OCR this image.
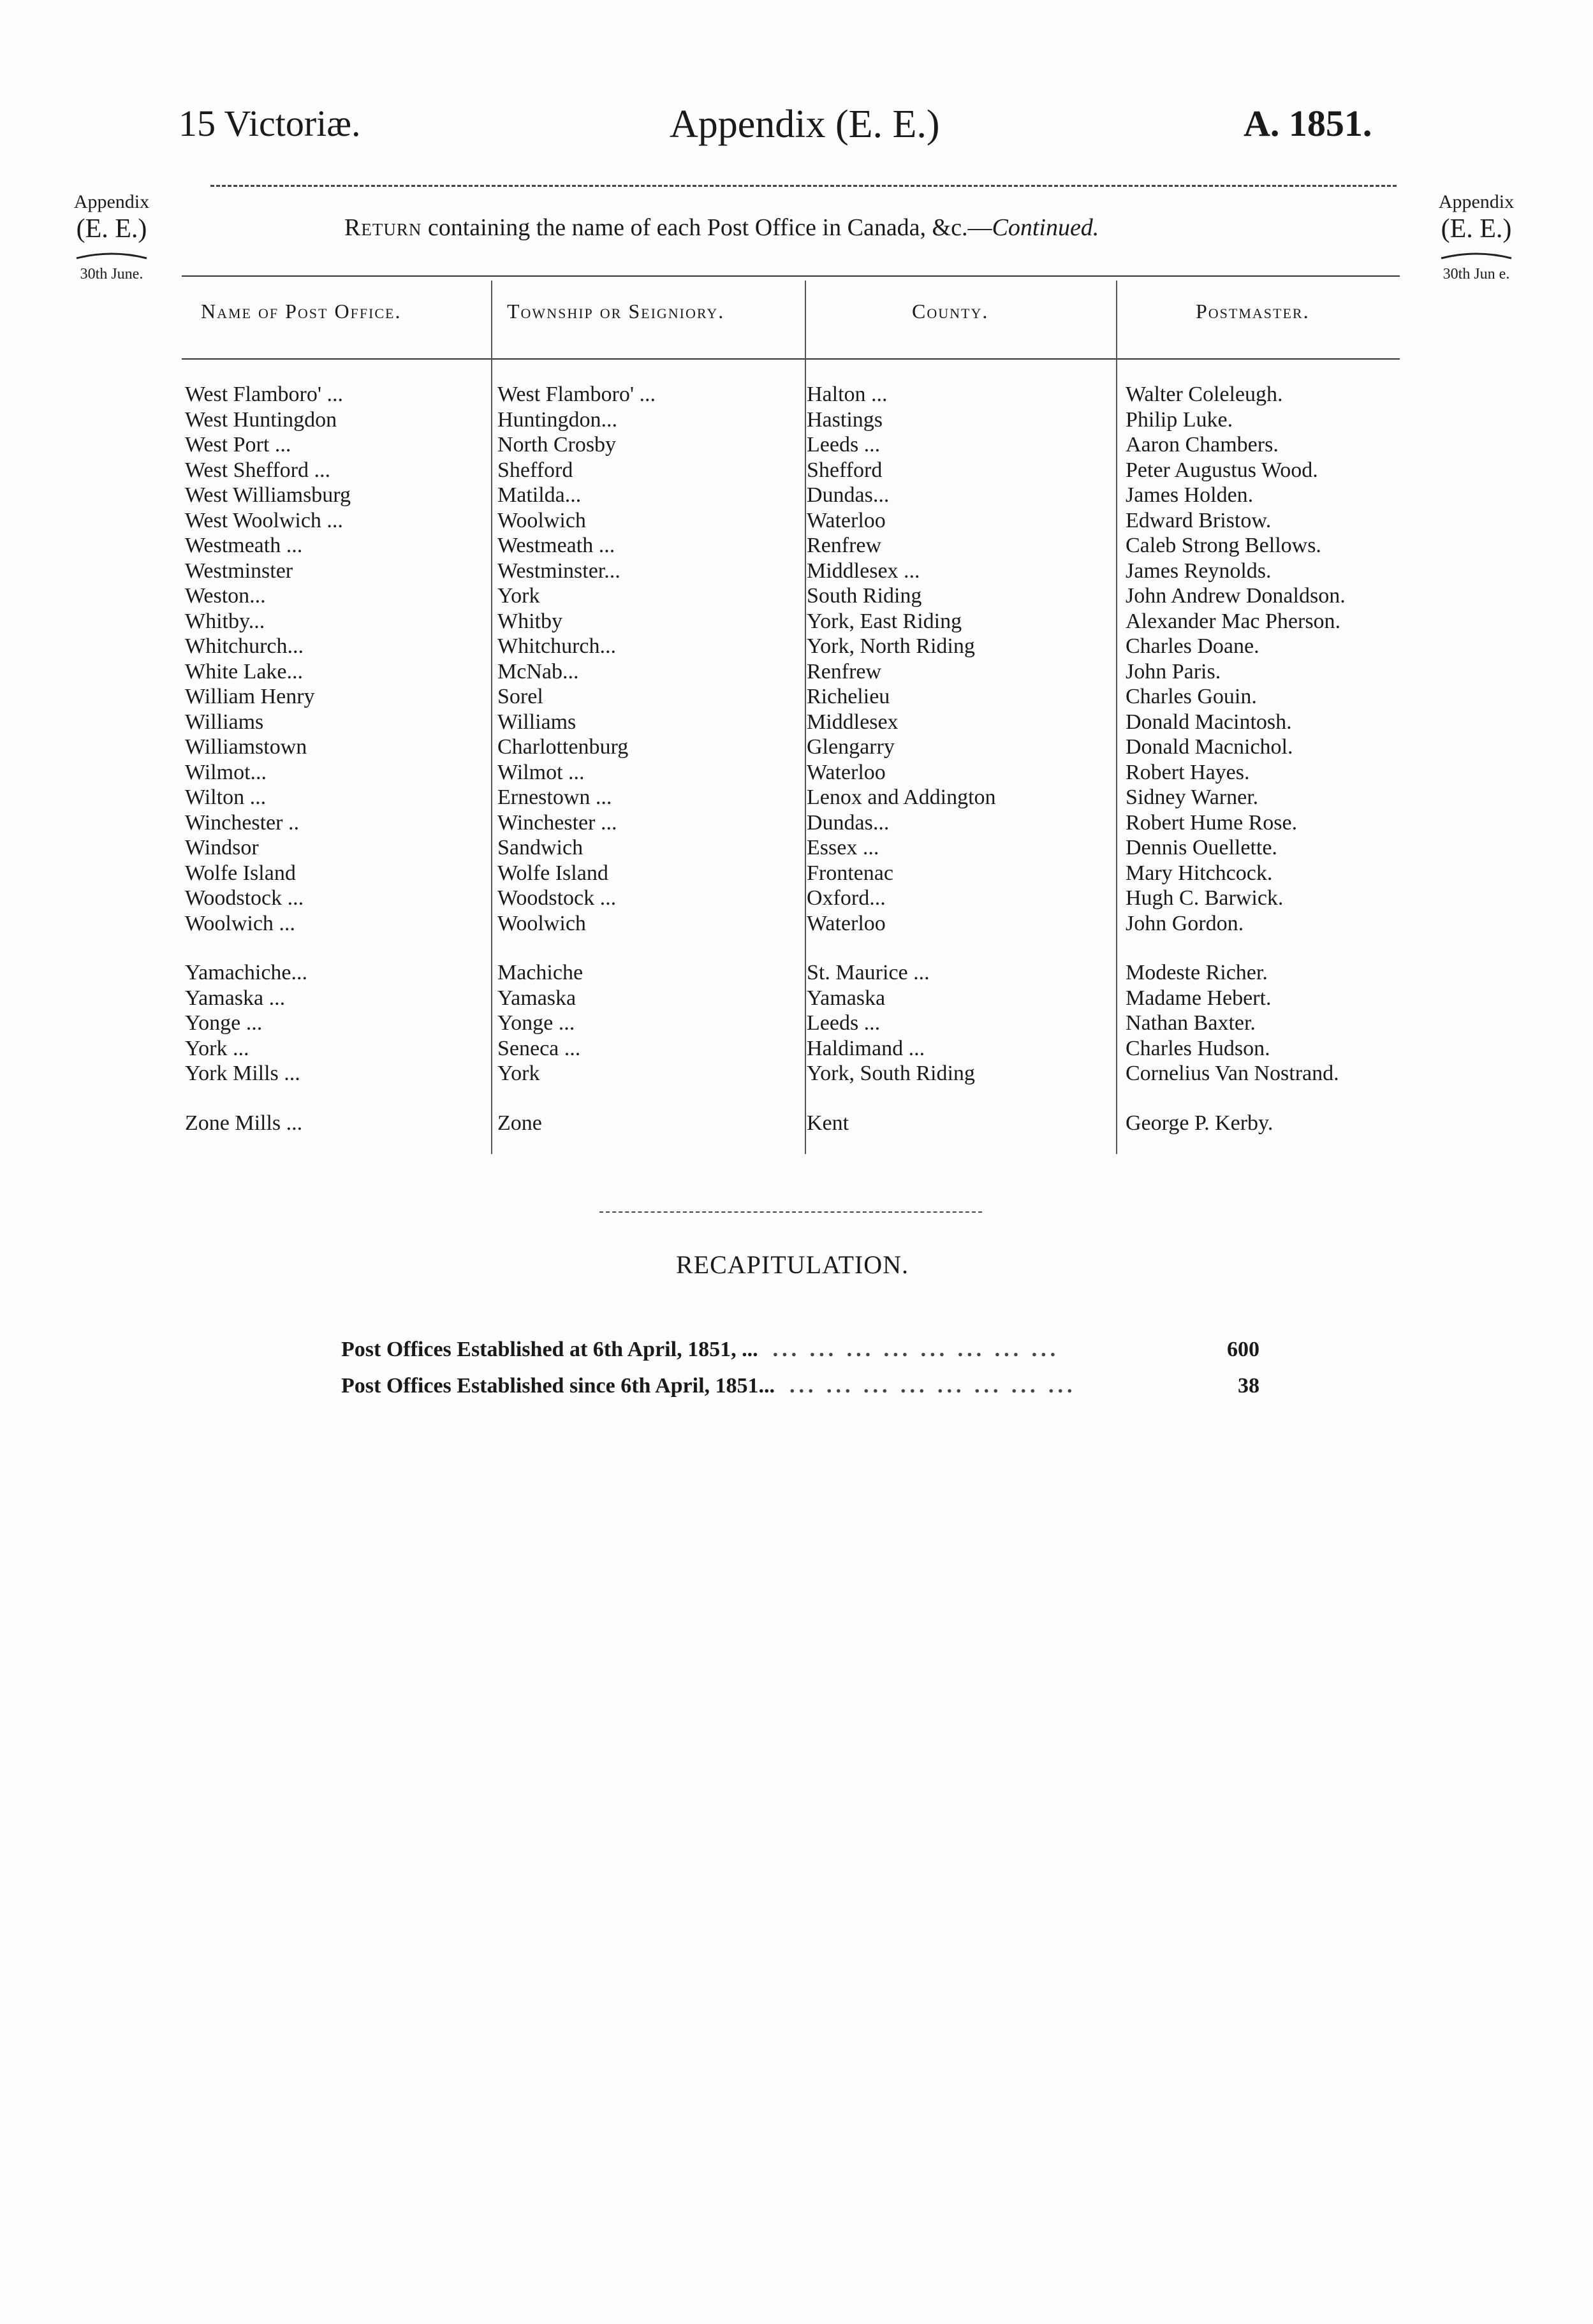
15 Victoriæ.	Appendix (E. E.)	A. 1851.
Appendix
(E. E.)
30th June.
Appendix
(E. E.)
30th Jun e.
Return containing the name of each Post Office in Canada, &c.—Continued.
Name of Post Office.	Township or Seigniory.	County.	Postmaster.
West Flamboro' ...	West Flamboro' ...	Halton ...	Walter Coleleugh.
West Huntingdon	Huntingdon...	Hastings	Philip Luke.
West Port ...	North Crosby	Leeds ...	Aaron Chambers.
West Shefford ...	Shefford	Shefford	Peter Augustus Wood.
West Williamsburg	Matilda...	Dundas...	James Holden.
West Woolwich ...	Woolwich	Waterloo	Edward Bristow.
Westmeath ...	Westmeath ...	Renfrew	Caleb Strong Bellows.
Westminster	Westminster...	Middlesex ...	James Reynolds.
Weston...	York	South Riding	John Andrew Donaldson.
Whitby...	Whitby	York, East Riding	Alexander Mac Pherson.
Whitchurch...	Whitchurch...	York, North Riding	Charles Doane.
White Lake...	McNab...	Renfrew	John Paris.
William Henry	Sorel	Richelieu	Charles Gouin.
Williams	Williams	Middlesex	Donald Macintosh.
Williamstown	Charlottenburg	Glengarry	Donald Macnichol.
Wilmot...	Wilmot ...	Waterloo	Robert Hayes.
Wilton ...	Ernestown ...	Lenox and Addington	Sidney Warner.
Winchester ..	Winchester ...	Dundas...	Robert Hume Rose.
Windsor	Sandwich	Essex ...	Dennis Ouellette.
Wolfe Island	Wolfe Island	Frontenac	Mary Hitchcock.
Woodstock ...	Woodstock ...	Oxford...	Hugh C. Barwick.
Woolwich ...	Woolwich	Waterloo	John Gordon.
Yamachiche...	Machiche	St. Maurice ...	Modeste Richer.
Yamaska ...	Yamaska	Yamaska	Madame Hebert.
Yonge ...	Yonge ...	Leeds ...	Nathan Baxter.
York ...	Seneca ...	Haldimand ...	Charles Hudson.
York Mills ...	York	York, South Riding	Cornelius Van Nostrand.
Zone Mills ...	Zone	Kent	George P. Kerby.
RECAPITULATION.
Post Offices Established at 6th April, 1851, ...  ... ... ... ... ... ... ... ...	600
Post Offices Established since 6th April, 1851...  ... ... ... ... ... ... ... ...	38
